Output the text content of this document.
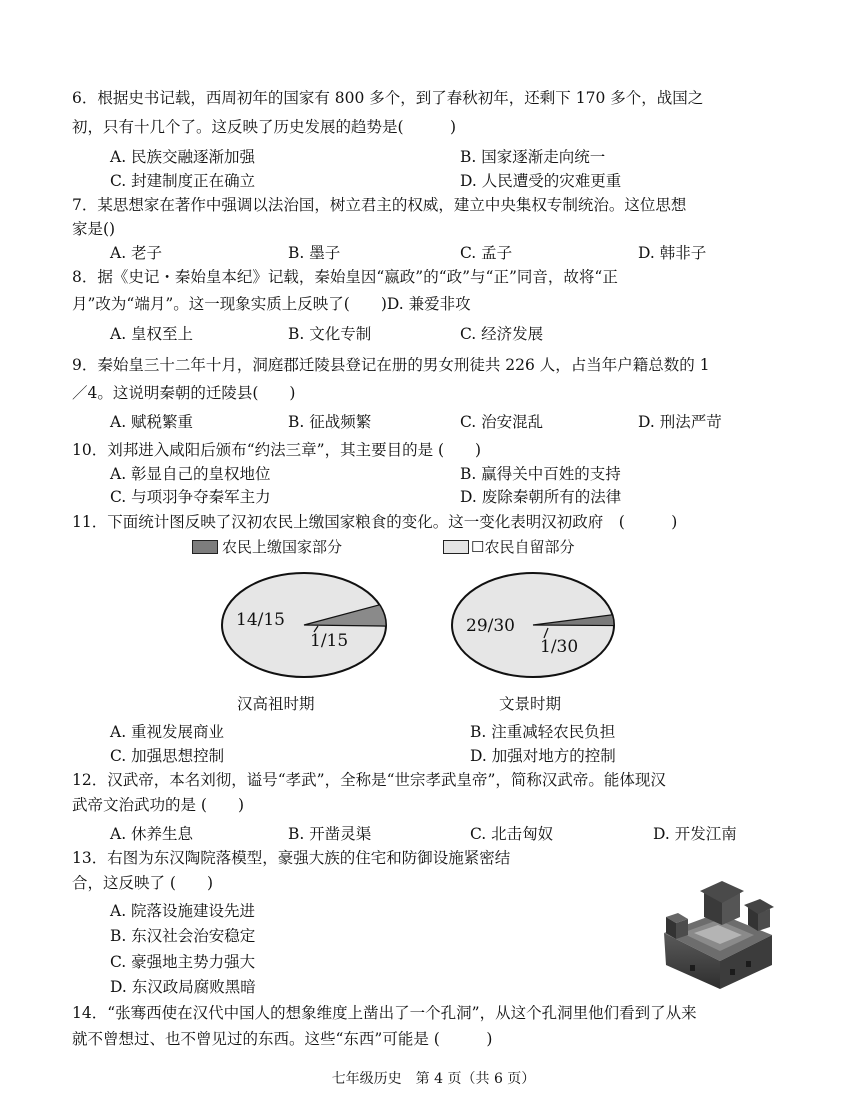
6．根据史书记载，西周初年的国家有 800 多个，到了春秋初年，还剩下 170 多个，战国之
初，只有十几个了。这反映了历史发展的趋势是(　　　)
A. 民族交融逐渐加强	B. 国家逐渐走向统一
C. 封建制度正在确立	D. 人民遭受的灾难更重
7．某思想家在著作中强调以法治国，树立君主的权威，建立中央集权专制统治。这位思想
家是()
A. 老子	B. 墨子	C. 孟子	D. 韩非子
8．据《史记・秦始皇本纪》记载，秦始皇因“嬴政”的“政”与“正”同音，故将“正
月”改为“端月”。这一现象实质上反映了(　　)D. 兼爱非攻
A. 皇权至上	B. 文化专制	C. 经济发展
9．秦始皇三十二年十月，洞庭郡迁陵县登记在册的男女刑徒共 226 人，占当年户籍总数的 1
／4。这说明秦朝的迁陵县(　　)
A. 赋税繁重	B. 征战频繁	C. 治安混乱	D. 刑法严苛
10．刘邦进入咸阳后颁布“约法三章”，其主要目的是 (　　)
A. 彰显自己的皇权地位	B. 赢得关中百姓的支持
C. 与项羽争夺秦军主力	D. 废除秦朝所有的法律
11．下面统计图反映了汉初农民上缴国家粮食的变化。这一变化表明汉初政府　(　　　)
农民上缴国家部分	☐农民自留部分
14/15
1/15
29/30
1/30
汉高祖时期	文景时期
A. 重视发展商业	B. 注重减轻农民负担
C. 加强思想控制	D. 加强对地方的控制
12．汉武帝，本名刘彻，谥号“孝武”，全称是“世宗孝武皇帝”，简称汉武帝。能体现汉
武帝文治武功的是 (　　)
A. 休养生息	B. 开凿灵渠	C. 北击匈奴	D. 开发江南
13．右图为东汉陶院落模型，豪强大族的住宅和防御设施紧密结
合，这反映了 (　　)
A. 院落设施建设先进
B. 东汉社会治安稳定
C. 豪强地主势力强大
D. 东汉政局腐败黑暗
14．“张骞西使在汉代中国人的想象维度上凿出了一个孔洞”，从这个孔洞里他们看到了从来
就不曾想过、也不曾见过的东西。这些“东西”可能是 (　　　)
七年级历史　第 4 页（共 6 页）
